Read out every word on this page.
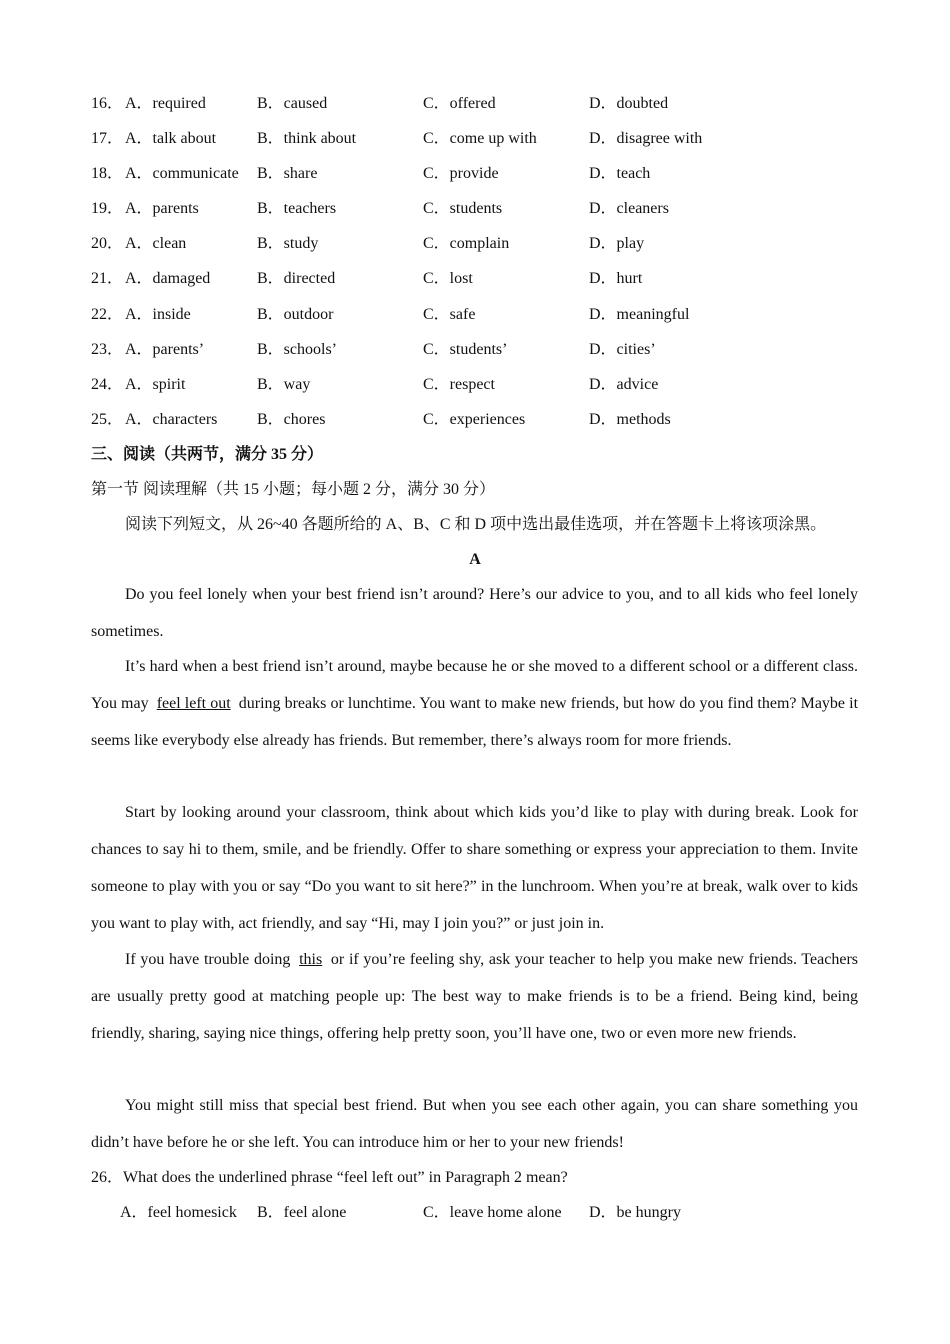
16． A．required	B．caused	C．offered	D．doubted
17． A．talk about	B．think about	C．come up with	D．disagree with
18． A．communicate B．share	C．provide	D．teach
19． A．parents	B．teachers	C．students	D．cleaners
20． A．clean	B．study	C．complain	D．play
21． A．damaged	B．directed	C．lost	D．hurt
22． A．inside	B．outdoor	C．safe	D．meaningful
23． A．parents’	B．schools’	C．students’	D．cities’
24． A．spirit	B．way	C．respect	D．advice
25． A．characters B．chores	C．experiences	D．methods
三、阅读（共两节，满分 35 分）
第一节 阅读理解（共 15 小题；每小题 2 分，满分 30 分）
阅读下列短文，从 26~40 各题所给的 A、B、C 和 D 项中选出最佳选项，并在答题卡上将该项涂黑。
A
Do you feel lonely when your best friend isn’t around? Here’s our advice to you, and to all kids who feel lonely sometimes.
It’s hard when a best friend isn’t around, maybe because he or she moved to a different school or a different class. You may feel left out during breaks or lunchtime. You want to make new friends, but how do you find them? Maybe it seems like everybody else already has friends. But remember, there’s always room for more friends.
Start by looking around your classroom, think about which kids you’d like to play with during break. Look for chances to say hi to them, smile, and be friendly. Offer to share something or express your appreciation to them. Invite someone to play with you or say “Do you want to sit here?” in the lunchroom. When you’re at break, walk over to kids you want to play with, act friendly, and say “Hi, may I join you?” or just join in.
If you have trouble doing this or if you’re feeling shy, ask your teacher to help you make new friends. Teachers are usually pretty good at matching people up: The best way to make friends is to be a friend. Being kind, being friendly, sharing, saying nice things, offering help pretty soon, you’ll have one, two or even more new friends.
You might still miss that special best friend. But when you see each other again, you can share something you didn’t have before he or she left. You can introduce him or her to your new friends!
26．What does the underlined phrase “feel left out” in Paragraph 2 mean?
A．feel homesick B．feel alone	C．leave home alone D．be hungry
